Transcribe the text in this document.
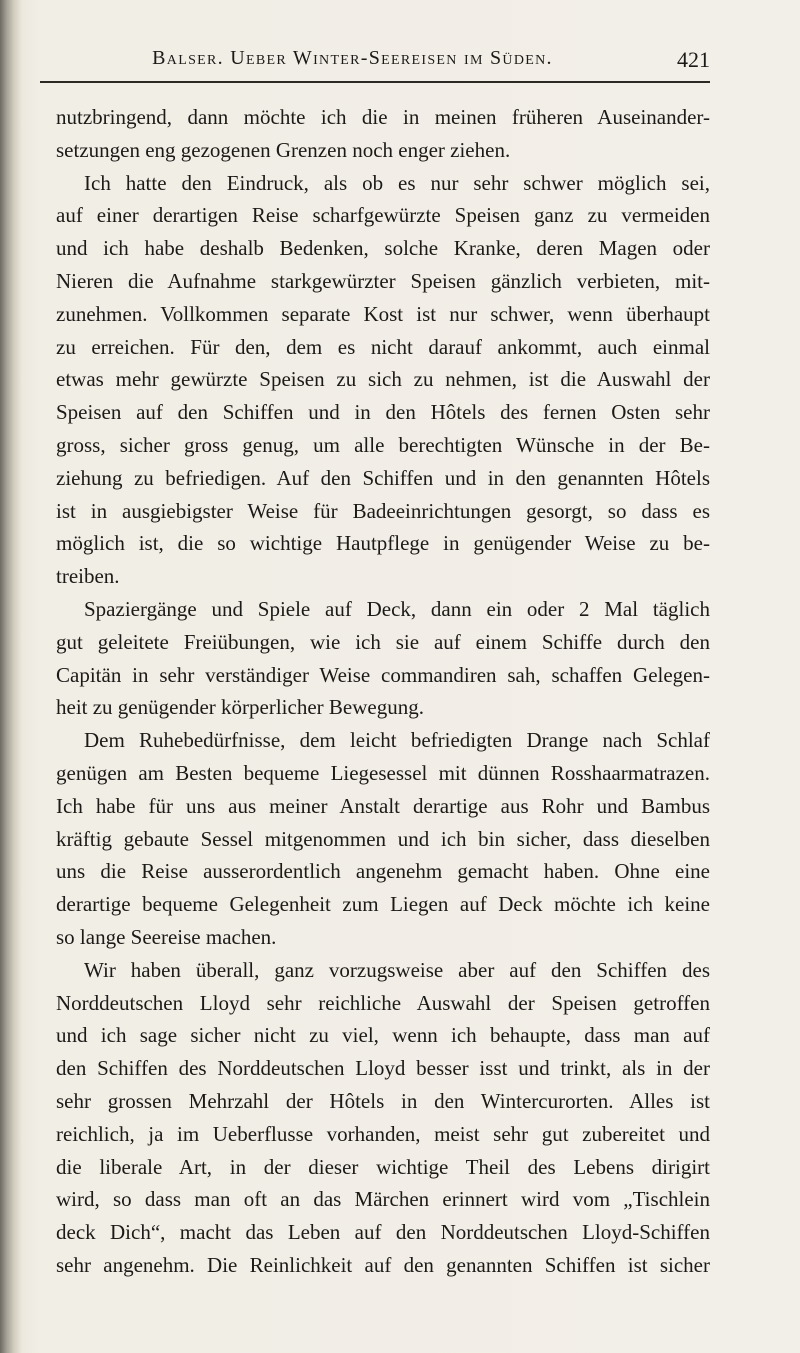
Balser. Ueber Winter-Seereisen im Süden.	421
nutzbringend, dann möchte ich die in meinen früheren Auseinander-
setzungen eng gezogenen Grenzen noch enger ziehen.
Ich hatte den Eindruck, als ob es nur sehr schwer möglich sei,
auf einer derartigen Reise scharfgewürzte Speisen ganz zu vermeiden
und ich habe deshalb Bedenken, solche Kranke, deren Magen oder
Nieren die Aufnahme starkgewürzter Speisen gänzlich verbieten, mit-
zunehmen. Vollkommen separate Kost ist nur schwer, wenn überhaupt
zu erreichen. Für den, dem es nicht darauf ankommt, auch einmal
etwas mehr gewürzte Speisen zu sich zu nehmen, ist die Auswahl der
Speisen auf den Schiffen und in den Hôtels des fernen Osten sehr
gross, sicher gross genug, um alle berechtigten Wünsche in der Be-
ziehung zu befriedigen. Auf den Schiffen und in den genannten Hôtels
ist in ausgiebigster Weise für Badeeinrichtungen gesorgt, so dass es
möglich ist, die so wichtige Hautpflege in genügender Weise zu be-
treiben.
Spaziergänge und Spiele auf Deck, dann ein oder 2 Mal täglich
gut geleitete Freiübungen, wie ich sie auf einem Schiffe durch den
Capitän in sehr verständiger Weise commandiren sah, schaffen Gelegen-
heit zu genügender körperlicher Bewegung.
Dem Ruhebedürfnisse, dem leicht befriedigten Drange nach Schlaf
genügen am Besten bequeme Liegesessel mit dünnen Rosshaarmatrazen.
Ich habe für uns aus meiner Anstalt derartige aus Rohr und Bambus
kräftig gebaute Sessel mitgenommen und ich bin sicher, dass dieselben
uns die Reise ausserordentlich angenehm gemacht haben. Ohne eine
derartige bequeme Gelegenheit zum Liegen auf Deck möchte ich keine
so lange Seereise machen.
Wir haben überall, ganz vorzugsweise aber auf den Schiffen des
Norddeutschen Lloyd sehr reichliche Auswahl der Speisen getroffen
und ich sage sicher nicht zu viel, wenn ich behaupte, dass man auf
den Schiffen des Norddeutschen Lloyd besser isst und trinkt, als in der
sehr grossen Mehrzahl der Hôtels in den Wintercurorten. Alles ist
reichlich, ja im Ueberflusse vorhanden, meist sehr gut zubereitet und
die liberale Art, in der dieser wichtige Theil des Lebens dirigirt
wird, so dass man oft an das Märchen erinnert wird vom „Tischlein
deck Dich“, macht das Leben auf den Norddeutschen Lloyd-Schiffen
sehr angenehm. Die Reinlichkeit auf den genannten Schiffen ist sicher
